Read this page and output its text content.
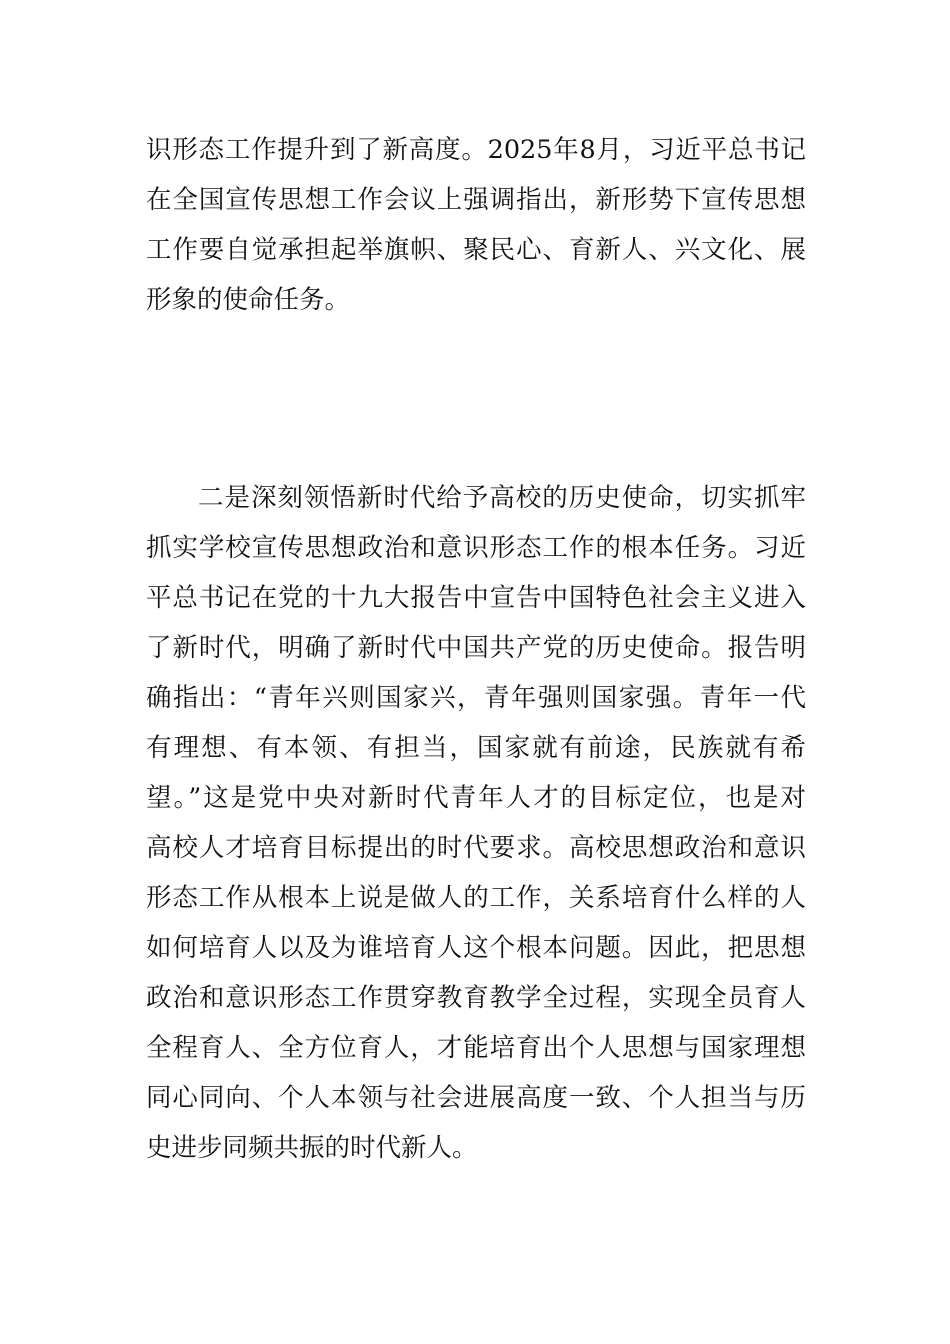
识形态工作提升到了新高度。2025年8月，习近平总书记
在全国宣传思想工作会议上强调指出，新形势下宣传思想
工作要自觉承担起举旗帜、聚民心、育新人、兴文化、展
形象的使命任务。
二是深刻领悟新时代给予高校的历史使命，切实抓牢
抓实学校宣传思想政治和意识形态工作的根本任务。习近
平总书记在党的十九大报告中宣告中国特色社会主义进入
了新时代，明确了新时代中国共产党的历史使命。报告明
确指出：“青年兴则国家兴，青年强则国家强。青年一代
有理想、有本领、有担当，国家就有前途，民族就有希
望。”这是党中央对新时代青年人才的目标定位，也是对
高校人才培育目标提出的时代要求。高校思想政治和意识
形态工作从根本上说是做人的工作，关系培育什么样的人
如何培育人以及为谁培育人这个根本问题。因此，把思想
政治和意识形态工作贯穿教育教学全过程，实现全员育人
全程育人、全方位育人，才能培育出个人思想与国家理想
同心同向、个人本领与社会进展高度一致、个人担当与历
史进步同频共振的时代新人。
